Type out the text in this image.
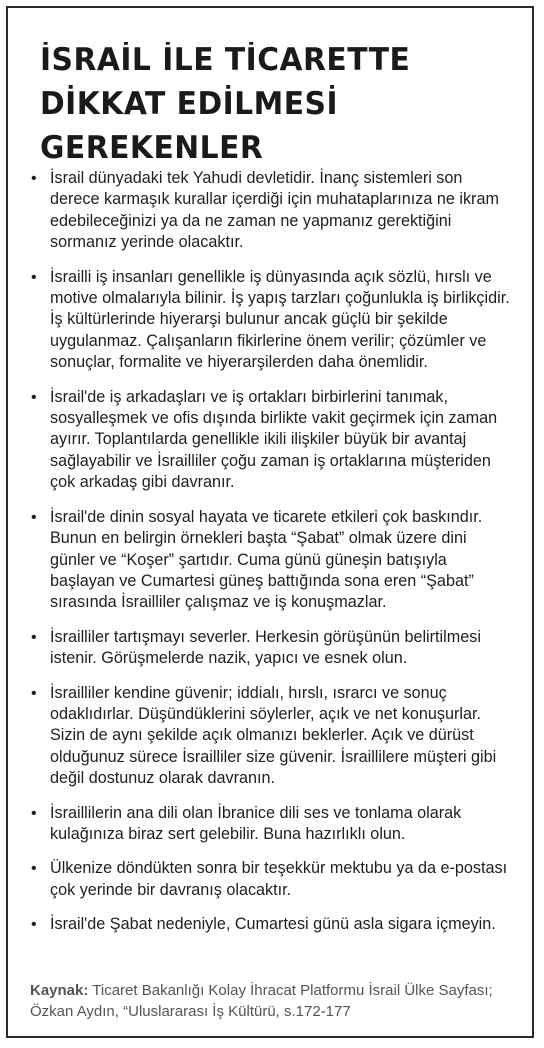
İSRAİL İLE TİCARETTE
DİKKAT EDİLMESİ
GEREKENLER
• İsrail dünyadaki tek Yahudi devletidir. İnanç sistemleri son derece karmaşık kurallar içerdiği için muhataplarınıza ne ikram edebileceğinizi ya da ne zaman ne yapmanız gerektiğini sormanız yerinde olacaktır.
• İsrailli iş insanları genellikle iş dünyasında açık sözlü, hırslı ve motive olmalarıyla bilinir. İş yapış tarzları çoğunlukla iş birlikçidir. İş kültürlerinde hiyerarşi bulunur ancak güçlü bir şekilde uygulanmaz. Çalışanların fikirlerine önem verilir; çözümler ve sonuçlar, formalite ve hiyerarşilerden daha önemlidir.
• İsrail'de iş arkadaşları ve iş ortakları birbirlerini tanımak, sosyalleşmek ve ofis dışında birlikte vakit geçirmek için zaman ayırır. Toplantılarda genellikle ikili ilişkiler büyük bir avantaj sağlayabilir ve İsrailliler çoğu zaman iş ortaklarına müşteriden çok arkadaş gibi davranır.
• İsrail'de dinin sosyal hayata ve ticarete etkileri çok baskındır. Bunun en belirgin örnekleri başta “Şabat” olmak üzere dini günler ve “Koşer” şartıdır. Cuma günü güneşin batışıyla başlayan ve Cumartesi güneş battığında sona eren “Şabat” sırasında İsrailliler çalışmaz ve iş konuşmazlar.
• İsrailliler tartışmayı severler. Herkesin görüşünün belirtilmesi istenir. Görüşmelerde nazik, yapıcı ve esnek olun.
• İsrailliler kendine güvenir; iddialı, hırslı, ısrarcı ve sonuç odaklıdırlar. Düşündüklerini söylerler, açık ve net konuşurlar. Sizin de aynı şekilde açık olmanızı beklerler. Açık ve dürüst olduğunuz sürece İsrailliler size güvenir. İsraillilere müşteri gibi değil dostunuz olarak davranın.
• İsraillilerin ana dili olan İbranice dili ses ve tonlama olarak kulağınıza biraz sert gelebilir. Buna hazırlıklı olun.
• Ülkenize döndükten sonra bir teşekkür mektubu ya da e-postası çok yerinde bir davranış olacaktır.
• İsrail'de Şabat nedeniyle, Cumartesi günü asla sigara içmeyin.
Kaynak: Ticaret Bakanlığı Kolay İhracat Platformu İsrail Ülke Sayfası; Özkan Aydın, “Uluslararası İş Kültürü, s.172-177
